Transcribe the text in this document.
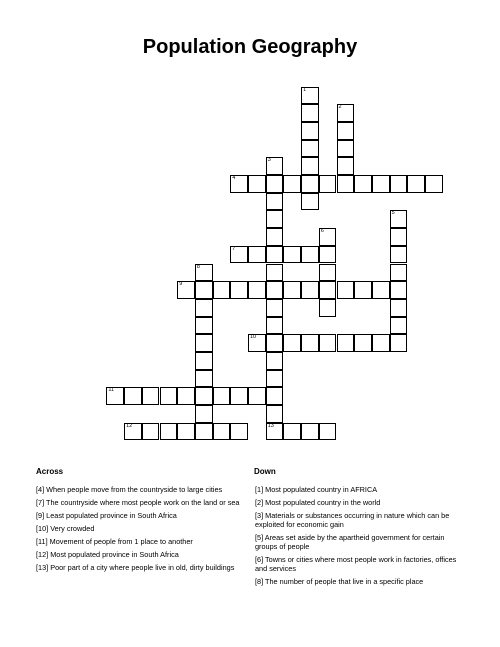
Population Geography
1
2
3
4
5
6
7
8
9
10
11
12	13
Across	Down
[4] When people move from the countryside to large cities
[7] The countryside where most people work on the land or sea
[9] Least populated province in South Africa
[10] Very crowded
[11] Movement of people from 1 place to another
[12] Most populated province in South Africa
[13] Poor part of a city where people live in old, dirty buildings
[1] Most populated country in AFRICA
[2] Most populated country in the world
[3] Materials or substances occurring in nature which can be exploited for economic gain
[5] Areas set aside by the apartheid government for certain groups of people
[6] Towns or cities where most people work in factories, offices and services
[8] The number of people that live in a specific place
